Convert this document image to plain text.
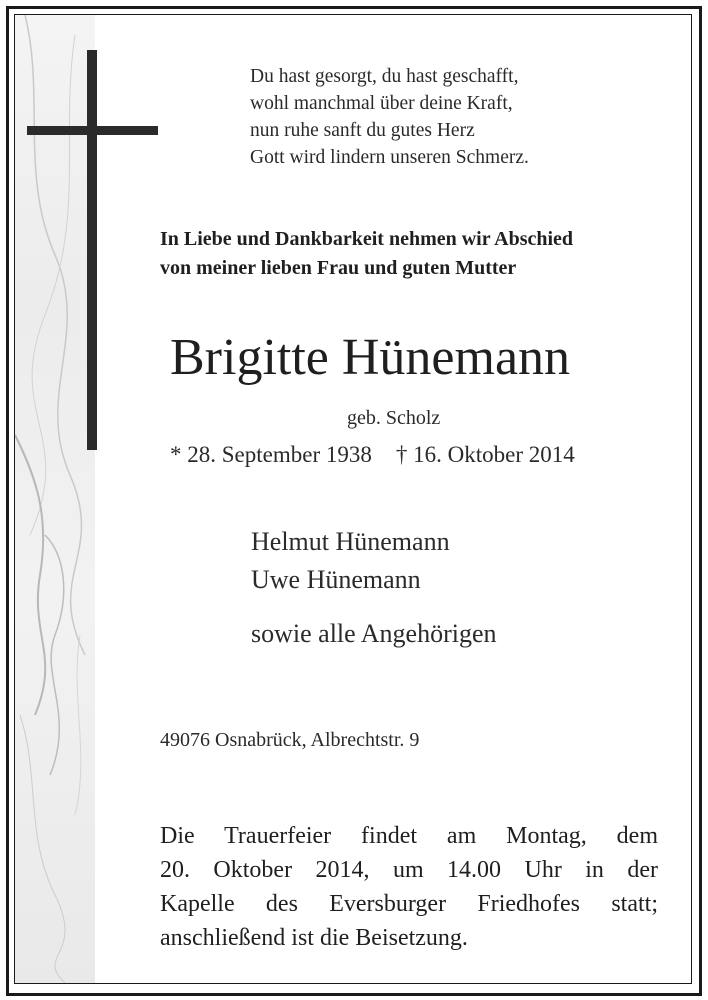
Du hast gesorgt, du hast geschafft,
wohl manchmal über deine Kraft,
nun ruhe sanft du gutes Herz
Gott wird lindern unseren Schmerz.
In Liebe und Dankbarkeit nehmen wir Abschied
von meiner lieben Frau und guten Mutter
Brigitte Hünemann
geb. Scholz
* 28. September 1938 † 16. Oktober 2014
Helmut Hünemann
Uwe Hünemann
sowie alle Angehörigen
49076 Osnabrück, Albrechtstr. 9
Die Trauerfeier findet am Montag, dem
20. Oktober 2014, um 14.00 Uhr in der
Kapelle des Eversburger Friedhofes statt;
anschließend ist die Beisetzung.
